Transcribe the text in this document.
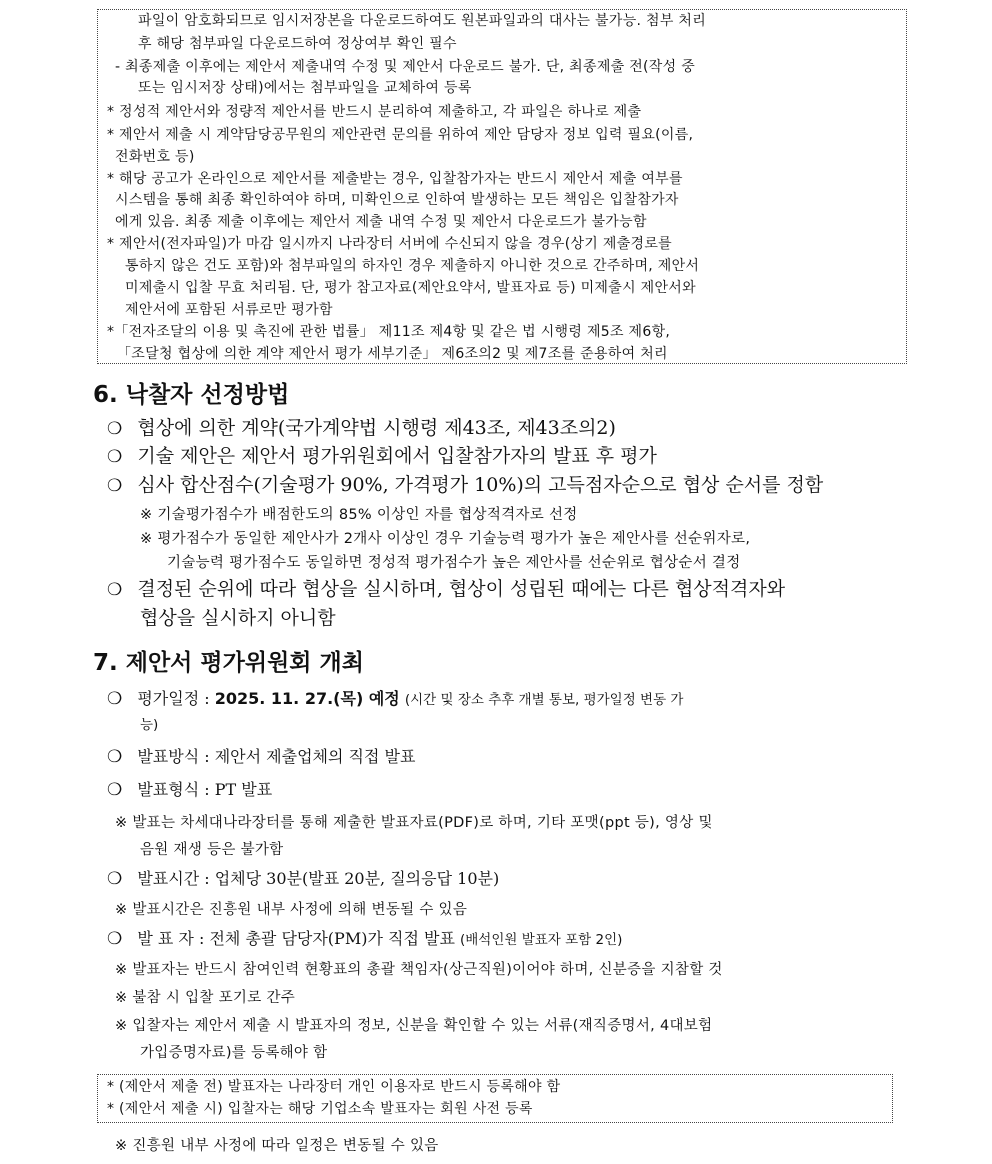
파일이 암호화되므로 임시저장본을 다운로드하여도 원본파일과의 대사는 불가능. 첨부 처리
후 해당 첨부파일 다운로드하여 정상여부 확인 필수
- 최종제출 이후에는 제안서 제출내역 수정 및 제안서 다운로드 불가. 단, 최종제출 전(작성 중
또는 임시저장 상태)에서는 첨부파일을 교체하여 등록
* 정성적 제안서와 정량적 제안서를 반드시 분리하여 제출하고, 각 파일은 하나로 제출
* 제안서 제출 시 계약담당공무원의 제안관련 문의를 위하여 제안 담당자 정보 입력 필요(이름,
전화번호 등)
* 해당 공고가 온라인으로 제안서를 제출받는 경우, 입찰참가자는 반드시 제안서 제출 여부를
시스템을 통해 최종 확인하여야 하며, 미확인으로 인하여 발생하는 모든 책임은 입찰참가자
에게 있음. 최종 제출 이후에는 제안서 제출 내역 수정 및 제안서 다운로드가 불가능함
* 제안서(전자파일)가 마감 일시까지 나라장터 서버에 수신되지 않을 경우(상기 제출경로를
통하지 않은 건도 포함)와 첨부파일의 하자인 경우 제출하지 아니한 것으로 간주하며, 제안서
미제출시 입찰 무효 처리됨. 단, 평가 참고자료(제안요약서, 발표자료 등) 미제출시 제안서와
제안서에 포함된 서류로만 평가함
*「전자조달의 이용 및 촉진에 관한 법률」 제11조 제4항 및 같은 법 시행령 제5조 제6항,
「조달청 협상에 의한 계약 제안서 평가 세부기준」 제6조의2 및 제7조를 준용하여 처리
6. 낙찰자 선정방법
❍ 협상에 의한 계약(국가계약법 시행령 제43조, 제43조의2)
❍ 기술 제안은 제안서 평가위원회에서 입찰참가자의 발표 후 평가
❍ 심사 합산점수(기술평가 90%, 가격평가 10%)의 고득점자순으로 협상 순서를 정함
※ 기술평가점수가 배점한도의 85% 이상인 자를 협상적격자로 선정
※ 평가점수가 동일한 제안사가 2개사 이상인 경우 기술능력 평가가 높은 제안사를 선순위자로,
기술능력 평가점수도 동일하면 정성적 평가점수가 높은 제안사를 선순위로 협상순서 결정
❍ 결정된 순위에 따라 협상을 실시하며, 협상이 성립된 때에는 다른 협상적격자와
협상을 실시하지 아니함
7. 제안서 평가위원회 개최
❍ 평가일정 : 2025. 11. 27.(목) 예정 (시간 및 장소 추후 개별 통보, 평가일정 변동 가
능)
❍ 발표방식 : 제안서 제출업체의 직접 발표
❍ 발표형식 : PT 발표
※ 발표는 차세대나라장터를 통해 제출한 발표자료(PDF)로 하며, 기타 포맷(ppt 등), 영상 및
음원 재생 등은 불가함
❍ 발표시간 : 업체당 30분(발표 20분, 질의응답 10분)
※ 발표시간은 진흥원 내부 사정에 의해 변동될 수 있음
❍ 발 표 자 : 전체 총괄 담당자(PM)가 직접 발표 (배석인원 발표자 포함 2인)
※ 발표자는 반드시 참여인력 현황표의 총괄 책임자(상근직원)이어야 하며, 신분증을 지참할 것
※ 불참 시 입찰 포기로 간주
※ 입찰자는 제안서 제출 시 발표자의 정보, 신분을 확인할 수 있는 서류(재직증명서, 4대보험
가입증명자료)를 등록해야 함
* (제안서 제출 전) 발표자는 나라장터 개인 이용자로 반드시 등록해야 함
* (제안서 제출 시) 입찰자는 해당 기업소속 발표자는 회원 사전 등록
※ 진흥원 내부 사정에 따라 일정은 변동될 수 있음
